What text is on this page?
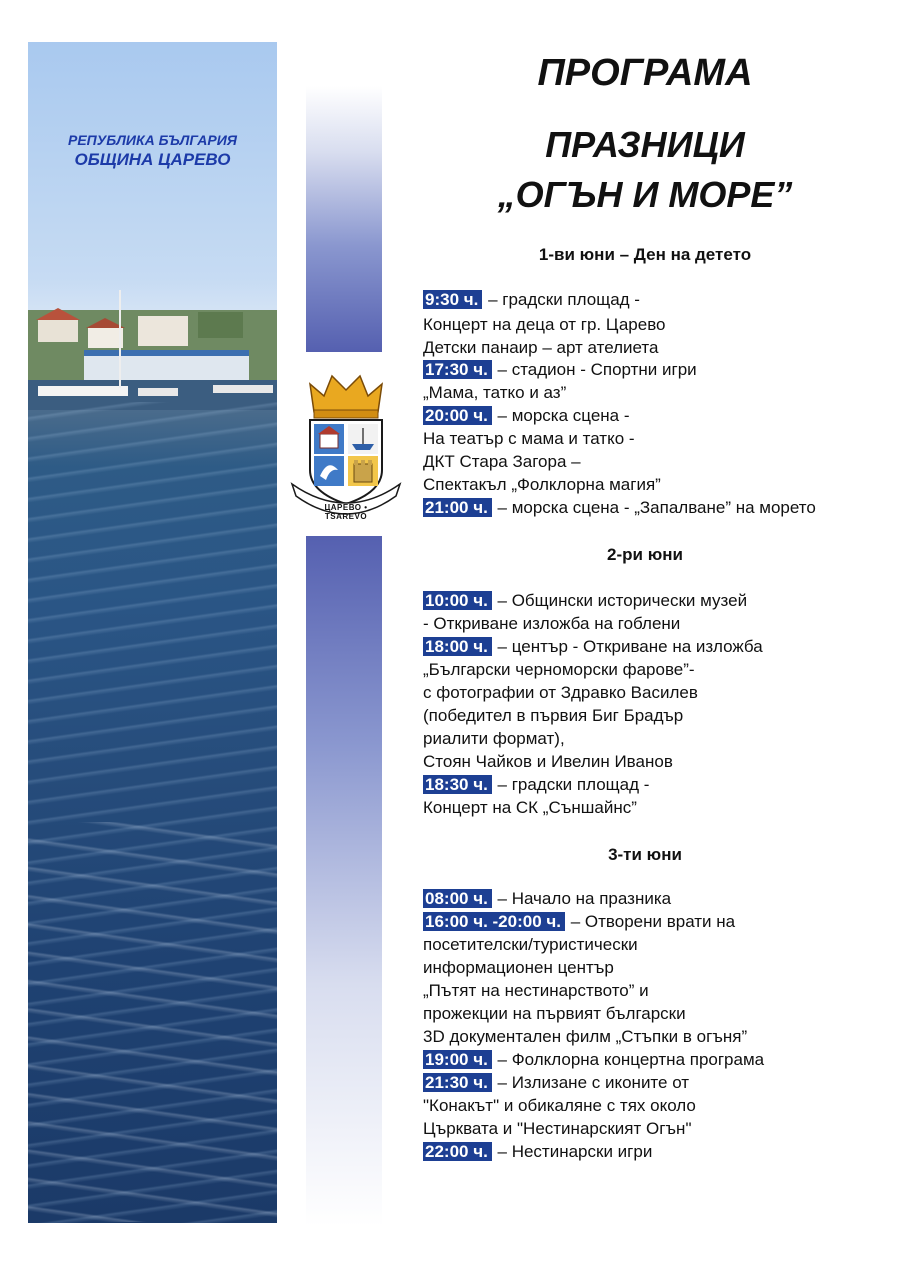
РЕПУБЛИКА БЪЛГАРИЯ
ОБЩИНА ЦАРЕВО
ЦАРЕВО • TSAREVO
ПРОГРАМА
ПРАЗНИЦИ
„ОГЪН И МОРЕ”
1-ви юни – Ден на детето
9:30 ч. – градски площад -
Концерт на деца от гр. Царево
Детски панаир – арт ателиета
17:30 ч. – стадион - Спортни игри
„Мама, татко и аз”
20:00 ч. – морска сцена -
На театър с мама и татко -
ДКТ Стара Загора –
Спектакъл „Фолклорна магия”
21:00 ч. – морска сцена - „Запалване” на морето
2-ри юни
10:00 ч. – Общински исторически музей
- Откриване изложба на гоблени
18:00 ч. – център - Откриване на изложба
„Български черноморски фарове”-
с фотографии от Здравко Василев
(победител в първия Биг Брадър
риалити формат),
Стоян Чайков и Ивелин Иванов
18:30 ч. – градски площад -
Концерт на СК „Съншайнс”
3-ти юни
08:00 ч. – Начало на празника
16:00 ч. -20:00 ч. – Отворени врати на
посетителски/туристически
информационен център
„Пътят на нестинарството” и
прожекции на първият български
3D документален филм „Стъпки в огъня”
19:00 ч. – Фолклорна концертна програма
21:30 ч. – Излизане с иконите от
"Конакът" и обикаляне с тях около
Църквата и "Нестинарският Огън"
22:00 ч. – Нестинарски игри
